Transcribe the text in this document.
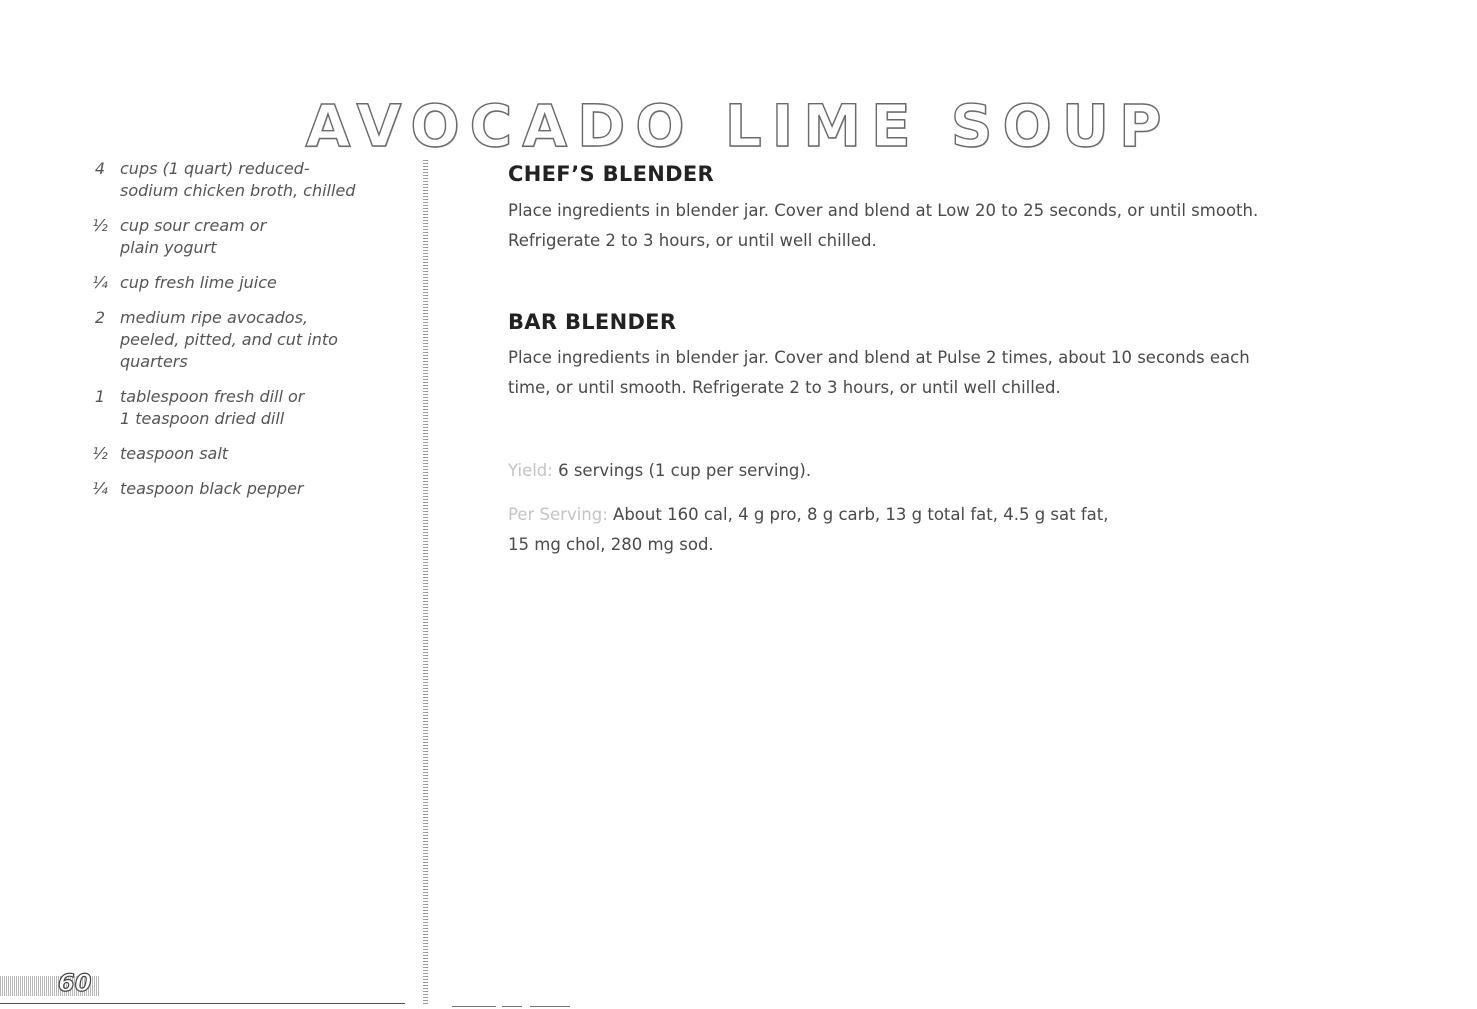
AVOCADO LIME SOUP
4 cups (1 quart) reduced-
sodium chicken broth, chilled
½ cup sour cream or
plain yogurt
¼ cup fresh lime juice
2 medium ripe avocados,
peeled, pitted, and cut into
quarters
1 tablespoon fresh dill or
1 teaspoon dried dill
½ teaspoon salt
¼ teaspoon black pepper
CHEF’S BLENDER

Place ingredients in blender jar. Cover and blend at Low 20 to 25 seconds, or until smooth.
Refrigerate 2 to 3 hours, or until well chilled.

BAR BLENDER

Place ingredients in blender jar. Cover and blend at Pulse 2 times, about 10 seconds each
time, or until smooth. Refrigerate 2 to 3 hours, or until well chilled.

Yield: 6 servings (1 cup per serving).

Per Serving: About 160 cal, 4 g pro, 8 g carb, 13 g total fat, 4.5 g sat fat,
15 mg chol, 280 mg sod.

60
